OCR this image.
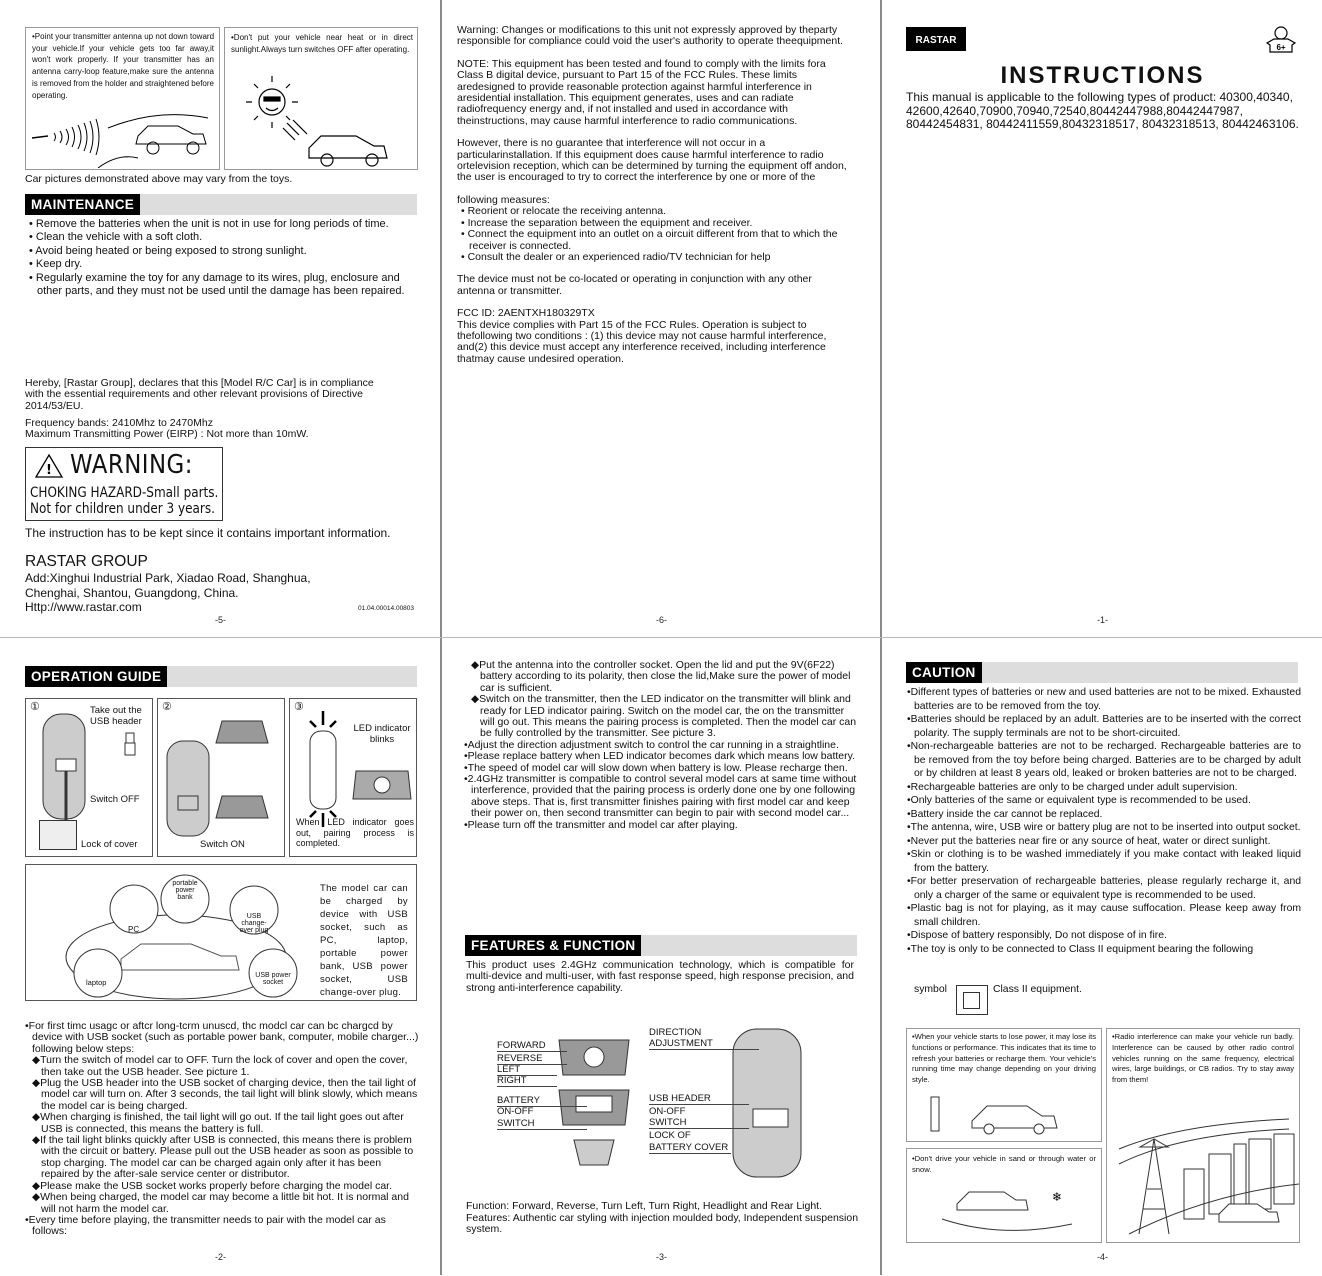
•Point your transmitter antenna up not down toward your vehicle.If your vehicle gets too far away,it won't work properly. If your transmitter has an antenna carry-loop feature,make sure the antenna is removed from the holder and straightened before operating.
•Don't put your vehicle near heat or in direct sunlight.Always turn switches OFF after operating.
Car pictures demonstrated above may vary from the toys.
MAINTENANCE
• Remove the batteries when the unit is not in use for long periods of time.
• Clean the vehicle with a soft cloth.
• Avoid being heated or being exposed to strong sunlight.
• Keep dry.
• Regularly examine the toy for any damage to its wires, plug, enclosure and other parts, and they must not be used until the damage has been repaired.
Hereby, [Rastar Group], declares that this [Model R/C Car] is in compliance with the essential requirements and other relevant provisions of Directive 2014/53/EU.
Frequency bands: 2410Mhz to 2470Mhz
Maximum Transmitting Power (EIRP) : Not more than 10mW.
! WARNING:
CHOKING HAZARD-Small parts.
Not for children under 3 years.
The instruction has to be kept since it contains important information.
RASTAR GROUP
Add:Xinghui Industrial Park, Xiadao Road, Shanghua,
Chenghai, Shantou, Guangdong, China.
Http://www.rastar.com	01.04.00014.00803
-5-
Warning: Changes or modifications to this unit not expressly approved by theparty responsible for compliance could void the user's authority to operate theequipment.
NOTE: This equipment has been tested and found to comply with the limits fora Class B digital device, pursuant to Part 15 of the FCC Rules. These limits aredesigned to provide reasonable protection against harmful interference in aresidential installation. This equipment generates, uses and can radiate radiofrequency energy and, if not installed and used in accordance with theinstructions, may cause harmful interference to radio communications.
However, there is no guarantee that interference will not occur in a particularinstallation. If this equipment does cause harmful interference to radio ortelevision reception, which can be determined by turning the equipment off andon, the user is encouraged to try to correct the interference by one or more of the
following measures:
• Reorient or relocate the receiving antenna.
• Increase the separation between the equipment and receiver.
• Connect the equipment into an outlet on a oircuit different from that to which the receiver is connected.
• Consult the dealer or an experienced radio/TV technician for help
The device must not be co-located or operating in conjunction with any other antenna or transmitter.
FCC ID: 2AENTXH180329TX
This device complies with Part 15 of the FCC Rules. Operation is subject to thefollowing two conditions : (1) this device may not cause harmful interference, and(2) this device must accept any interference received, including interference thatmay cause undesired operation.
-6-
RASTAR
6+
INSTRUCTIONS
This manual is applicable to the following types of product: 40300,40340, 42600,42640,70900,70940,72540,80442447988,80442447987, 80442454831, 80442411559,80432318517, 80432318513, 80442463106.
-1-
OPERATION GUIDE
①	Take out the USB header
Switch OFF
Lock of cover
②
Switch ON
③
LED indicator blinks
When LED indicator goes out, pairing process is completed.
portable power bank
PC
USB change-over plug
laptop
USB power socket
The model car can be charged by device with USB socket, such as PC, laptop, portable power bank, USB power socket, USB change-over plug.
•For first timc usagc or aftcr long-tcrm unuscd, thc modcl car can bc chargcd by device with USB socket (such as portable power bank, computer, mobile charger...) following below steps:
◆Turn the switch of model car to OFF. Turn the lock of cover and open the cover, then take out the USB header. See picture 1.
◆Plug the USB header into the USB socket of charging device, then the tail light of model car will turn on. After 3 seconds, the tail light will blink slowly, which means the model car is being charged.
◆When charging is finished, the tail light will go out. If the tail light goes out after USB is connected, this means the battery is full.
◆If the tail light blinks quickly after USB is connected, this means there is problem with the circuit or battery. Please pull out the USB header as soon as possible to stop charging. The model car can be charged again only after it has been repaired by the after-sale service center or distributor.
◆Please make the USB socket works properly before charging the model car.
◆When being charged, the model car may become a little bit hot. It is normal and will not harm the model car.
•Every time before playing, the transmitter needs to pair with the model car as follows:
-2-
◆Put the antenna into the controller socket. Open the lid and put the 9V(6F22) battery according to its polarity, then close the lid,Make sure the power of model car is sufficient.
◆Switch on the transmitter, then the LED indicator on the transmitter will blink and ready for LED indicator pairing. Switch on the model car, the on the transmitter will go out. This means the pairing process is completed. Then the model car can be fully controlled by the transmitter. See picture 3.
•Adjust the direction adjustment switch to control the car running in a straightline.
•Please replace battery when LED indicator becomes dark which means low battery.
•The speed of model car will slow down when battery is low. Please recharge then.
•2.4GHz transmitter is compatible to control several model cars at same time without interference, provided that the pairing process is orderly done one by one following above steps. That is, first transmitter finishes pairing with first model car and keep their power on, then second transmitter can begin to pair with second model car...
•Please turn off the transmitter and model car after playing.
FEATURES & FUNCTION
This product uses 2.4GHz communication technology, which is compatible for multi-device and multi-user, with fast response speed, high response precision, and strong anti-interference capability.
FORWARD
REVERSE
LEFT
RIGHT
BATTERY
ON-OFF
SWITCH
DIRECTION
ADJUSTMENT
USB HEADER
ON-OFF
SWITCH
LOCK OF
BATTERY COVER
Function: Forward, Reverse, Turn Left, Turn Right, Headlight and Rear Light.
Features: Authentic car styling with injection moulded body, Independent suspension system.
-3-
CAUTION
•Different types of batteries or new and used batteries are not to be mixed. Exhausted batteries are to be removed from the toy.
•Batteries should be replaced by an adult. Batteries are to be inserted with the correct polarity. The supply terminals are not to be short-circuited.
•Non-rechargeable batteries are not to be recharged. Rechargeable batteries are to be removed from the toy before being charged. Batteries are to be charged by adult or by children at least 8 years old, leaked or broken batteries are not to be charged.
•Rechargeable batteries are only to be charged under adult supervision.
•Only batteries of the same or equivalent type is recommended to be used.
•Battery inside the car cannot be replaced.
•The antenna, wire, USB wire or battery plug are not to be inserted into output socket.
•Never put the batteries near fire or any source of heat, water or direct sunlight.
•Skin or clothing is to be washed immediately if you make contact with leaked liquid from the battery.
•For better preservation of rechargeable batteries, please regularly recharge it, and only a charger of the same or equivalent type is recommended to be used.
•Plastic bag is not for playing, as it may cause suffocation. Please keep away from small children.
•Dispose of battery responsibly, Do not dispose of in fire.
•The toy is only to be connected to Class II equipment bearing the following
symbol	Class II equipment.
•When your vehicle starts to lose power, it may lose its functions or performance. This indicates that its time to refresh your batteries or recharge them. Your vehicle's running time may change depending on your driving style.
•Don't drive your vehicle in sand or through water or snow.
❄
•Radio interference can make your vehicle run badly. Interference can be caused by other radio control vehicles running on the same frequency, electrical wires, large buildings, or CB radios. Try to stay away from them!
-4-
